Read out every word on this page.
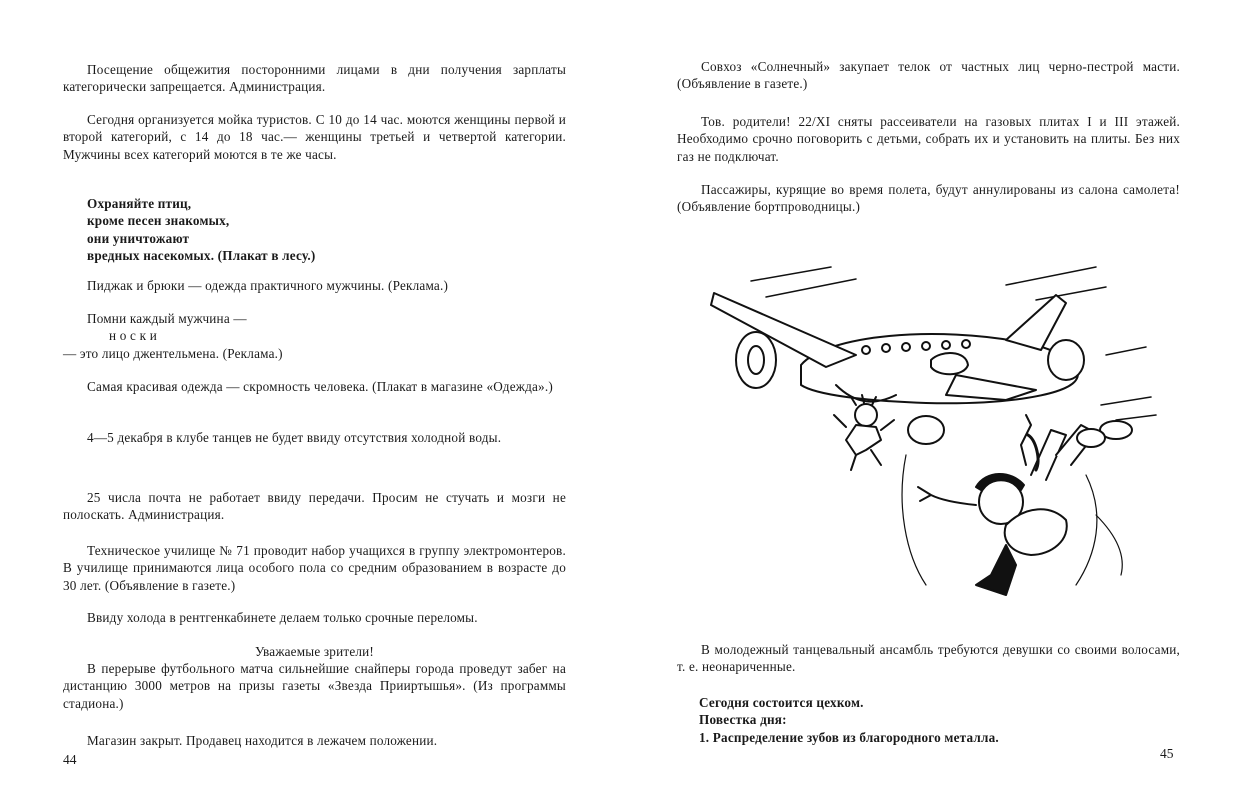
Посещение общежития посторонними лицами в дни получения зарплаты категорически запрещается. Администрация.

Сегодня организуется мойка туристов. С 10 до 14 час. моются женщины первой и второй категорий, с 14 до 18 час.— женщины третьей и четвертой категории. Мужчины всех категорий моются в те же часы.

Охраняйте птиц,
кроме песен знакомых,
они уничтожают
вредных насекомых. (Плакат в лесу.)

Пиджак и брюки — одежда практичного мужчины. (Реклама.)

Помни каждый мужчина —
н о с к и
— это лицо джентельмена. (Реклама.)

Самая красивая одежда — скромность человека. (Плакат в магазине «Одежда».)

4—5 декабря в клубе танцев не будет ввиду отсутствия холодной воды.

25 числа почта не работает ввиду передачи. Просим не стучать и мозги не полоскать. Администрация.

Техническое училище № 71 проводит набор учащихся в группу электромонтеров. В училище принимаются лица особого пола со средним образованием в возрасте до 30 лет. (Объявление в газете.)

Ввиду холода в рентгенкабинете делаем только срочные переломы.

Уважаемые зрители!

В перерыве футбольного матча сильнейшие снайперы города проведут забег на дистанцию 3000 метров на призы газеты «Звезда Прииртышья». (Из программы стадиона.)

Магазин закрыт. Продавец находится в лежачем положении.

44

Совхоз «Солнечный» закупает телок от частных лиц черно-пестрой масти. (Объявление в газете.)

Тов. родители! 22/XI сняты рассеиватели на газовых плитах I и III этажей. Необходимо срочно поговорить с детьми, собрать их и установить на плиты. Без них газ не подключат.

Пассажиры, курящие во время полета, будут аннулированы из салона самолета! (Объявление бортпроводницы.)

В молодежный танцевальный ансамбль требуются девушки со своими волосами, т. е. неонариченные.

Сегодня состоится цехком.
Повестка дня:
1. Распределение зубов из благородного металла.
45
